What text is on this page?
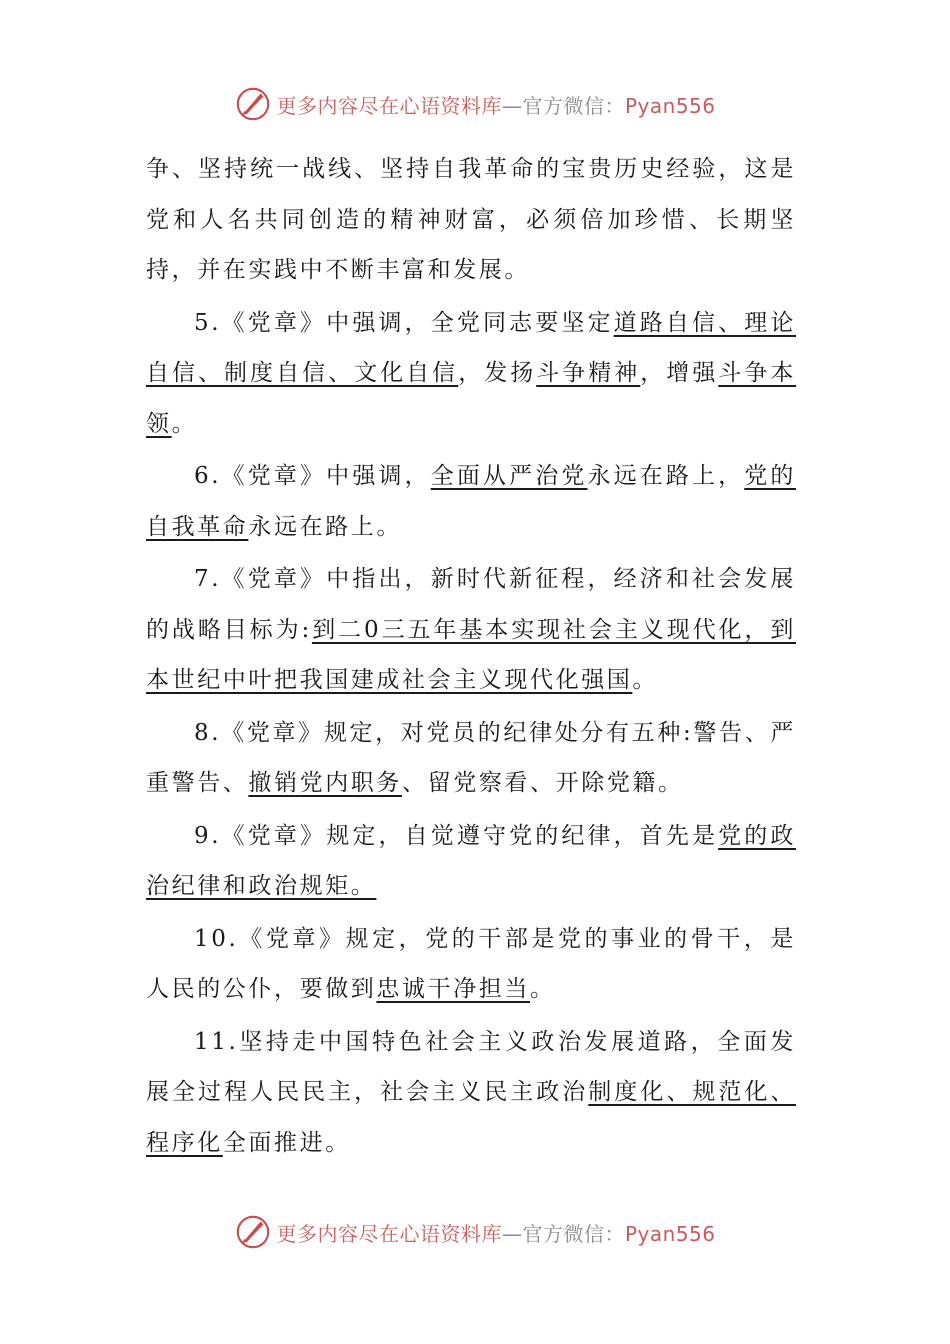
更多内容尽在心语资料库—官方微信：Pyan556

争、坚持统一战线、坚持自我革命的宝贵历史经验，这是党和人名共同创造的精神财富，必须倍加珍惜、长期坚持，并在实践中不断丰富和发展。

5.《党章》中强调，全党同志要坚定道路自信、理论自信、制度自信、文化自信，发扬斗争精神，增强斗争本领。

6.《党章》中强调，全面从严治党永远在路上，党的自我革命永远在路上。

7.《党章》中指出，新时代新征程，经济和社会发展的战略目标为:到二0三五年基本实现社会主义现代化，到本世纪中叶把我国建成社会主义现代化强国。

8.《党章》规定，对党员的纪律处分有五种:警告、严重警告、撤销党内职务、留党察看、开除党籍。

9.《党章》规定，自觉遵守党的纪律，首先是党的政治纪律和政治规矩。

10.《党章》规定，党的干部是党的事业的骨干，是人民的公仆，要做到忠诚干净担当。

11.坚持走中国特色社会主义政治发展道路，全面发展全过程人民民主，社会主义民主政治制度化、规范化、程序化全面推进。

更多内容尽在心语资料库—官方微信：Pyan556
